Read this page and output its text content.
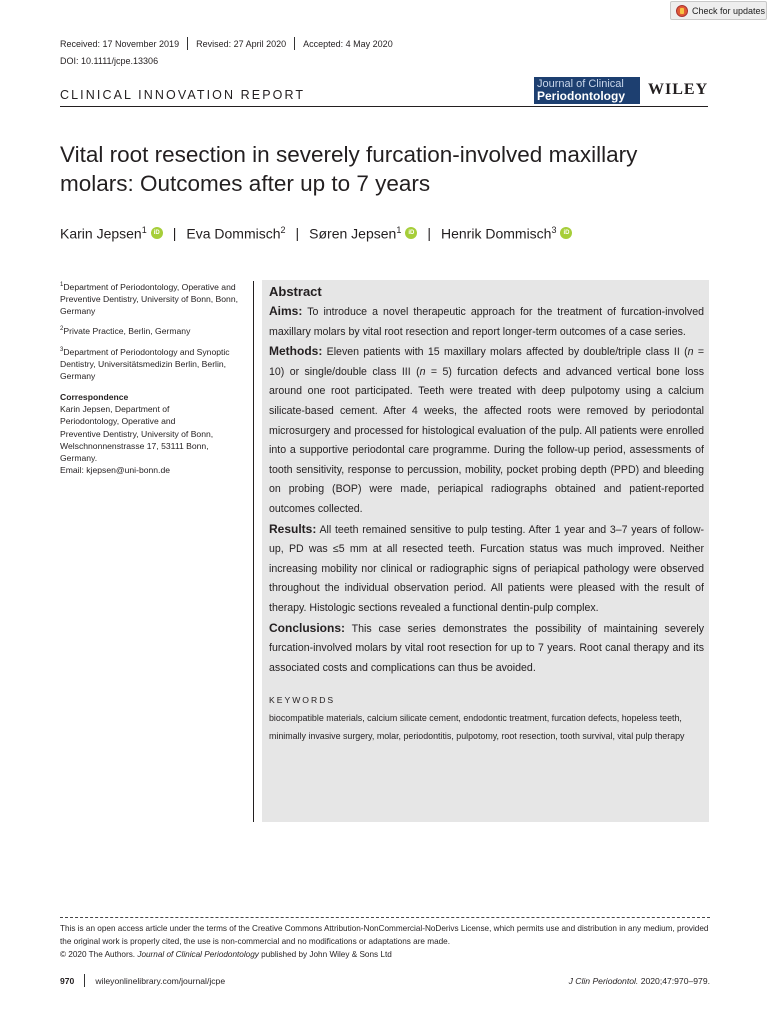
Check for updates
Received: 17 November 2019 Revised: 27 April 2020 Accepted: 4 May 2020
DOI: 10.1111/jcpe.13306
CLINICAL INNOVATION REPORT
Journal of Clinical
Periodontology	WILEY
Vital root resection in severely furcation-involved maxillary molars: Outcomes after up to 7 years
Karin Jepsen$^1$	iD | Eva Dommisch$^2$ | Søren Jepsen$^1$	iD | Henrik Dommisch$^3$	iD
$^1$Department of Periodontology, Operative and Preventive Dentistry, University of Bonn, Bonn, Germany
$^2$Private Practice, Berlin, Germany
$^3$Department of Periodontology and Synoptic Dentistry, Universitätsmedizin Berlin, Berlin, Germany
Correspondence
Karin Jepsen, Department of
Periodontology, Operative and
Preventive Dentistry, University of Bonn,
Welschnonnenstrasse 17, 53111 Bonn,
Germany.
Email: kjepsen@uni-bonn.de
Abstract
Aims: To introduce a novel therapeutic approach for the treatment of furcation-involved maxillary molars by vital root resection and report longer-term outcomes of a case series.
Methods: Eleven patients with 15 maxillary molars affected by double/triple class II (n = 10) or single/double class III (n = 5) furcation defects and advanced vertical bone loss around one root participated. Teeth were treated with deep pulpotomy using a calcium silicate-based cement. After 4 weeks, the affected roots were removed by periodontal microsurgery and processed for histological evaluation of the pulp. All patients were enrolled into a supportive periodontal care programme. During the follow-up period, assessments of tooth sensitivity, response to percussion, mobility, pocket probing depth (PPD) and bleeding on probing (BOP) were made, periapical radiographs obtained and patient-reported outcomes collected.
Results: All teeth remained sensitive to pulp testing. After 1 year and 3–7 years of follow-up, PD was ≤5 mm at all resected teeth. Furcation status was much improved. Neither increasing mobility nor clinical or radiographic signs of periapical pathology were observed throughout the individual observation period. All patients were pleased with the result of therapy. Histologic sections revealed a functional dentin-pulp complex.
Conclusions: This case series demonstrates the possibility of maintaining severely furcation-involved molars by vital root resection for up to 7 years. Root canal therapy and its associated costs and complications can thus be avoided.
KEYWORDS
biocompatible materials, calcium silicate cement, endodontic treatment, furcation defects, hopeless teeth, minimally invasive surgery, molar, periodontitis, pulpotomy, root resection, tooth survival, vital pulp therapy
This is an open access article under the terms of the Creative Commons Attribution-NonCommercial-NoDerivs License, which permits use and distribution in any medium, provided the original work is properly cited, the use is non-commercial and no modifications or adaptations are made.
© 2020 The Authors. Journal of Clinical Periodontology published by John Wiley & Sons Ltd
970 wileyonlinelibrary.com/journal/jcpe	J Clin Periodontol. 2020;47:970–979.
